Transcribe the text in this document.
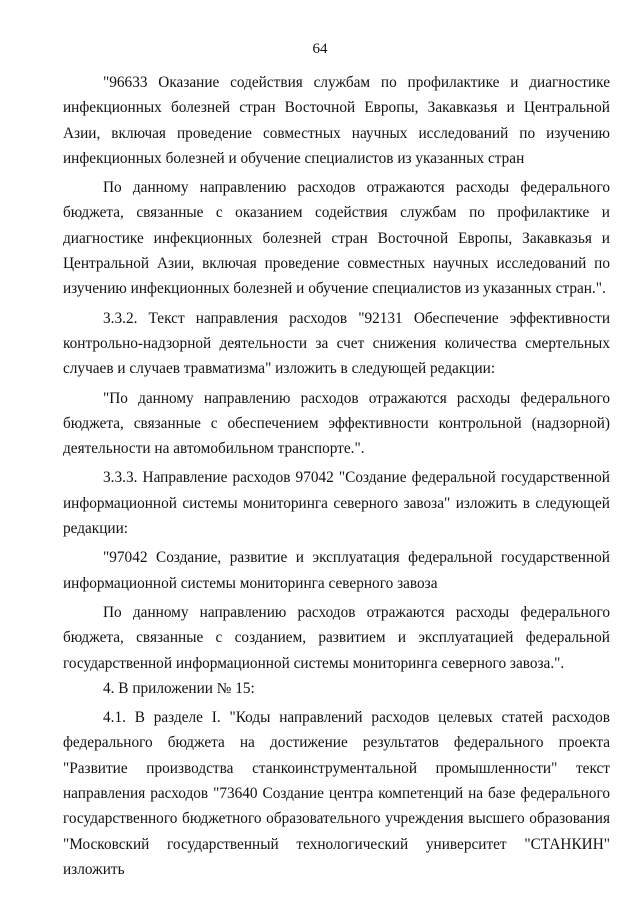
64

"96633 Оказание содействия службам по профилактике и диагностике инфекционных болезней стран Восточной Европы, Закавказья и Центральной Азии, включая проведение совместных научных исследований по изучению инфекционных болезней и обучение специалистов из указанных стран

По данному направлению расходов отражаются расходы федерального бюджета, связанные с оказанием содействия службам по профилактике и диагностике инфекционных болезней стран Восточной Европы, Закавказья и Центральной Азии, включая проведение совместных научных исследований по изучению инфекционных болезней и обучение специалистов из указанных стран.".

3.3.2. Текст направления расходов "92131 Обеспечение эффективности контрольно-надзорной деятельности за счет снижения количества смертельных случаев и случаев травматизма" изложить в следующей редакции:

"По данному направлению расходов отражаются расходы федерального бюджета, связанные с обеспечением эффективности контрольной (надзорной) деятельности на автомобильном транспорте.".

3.3.3. Направление расходов 97042 "Создание федеральной государственной информационной системы мониторинга северного завоза" изложить в следующей редакции:

"97042 Создание, развитие и эксплуатация федеральной государственной информационной системы мониторинга северного завоза

По данному направлению расходов отражаются расходы федерального бюджета, связанные с созданием, развитием и эксплуатацией федеральной государственной информационной системы мониторинга северного завоза.".

4. В приложении № 15:

4.1. В разделе I. "Коды направлений расходов целевых статей расходов федерального бюджета на достижение результатов федерального проекта "Развитие производства станкоинструментальной промышленности" текст направления расходов "73640 Создание центра компетенций на базе федерального государственного бюджетного образовательного учреждения высшего образования "Московский государственный технологический университет "СТАНКИН" изложить
